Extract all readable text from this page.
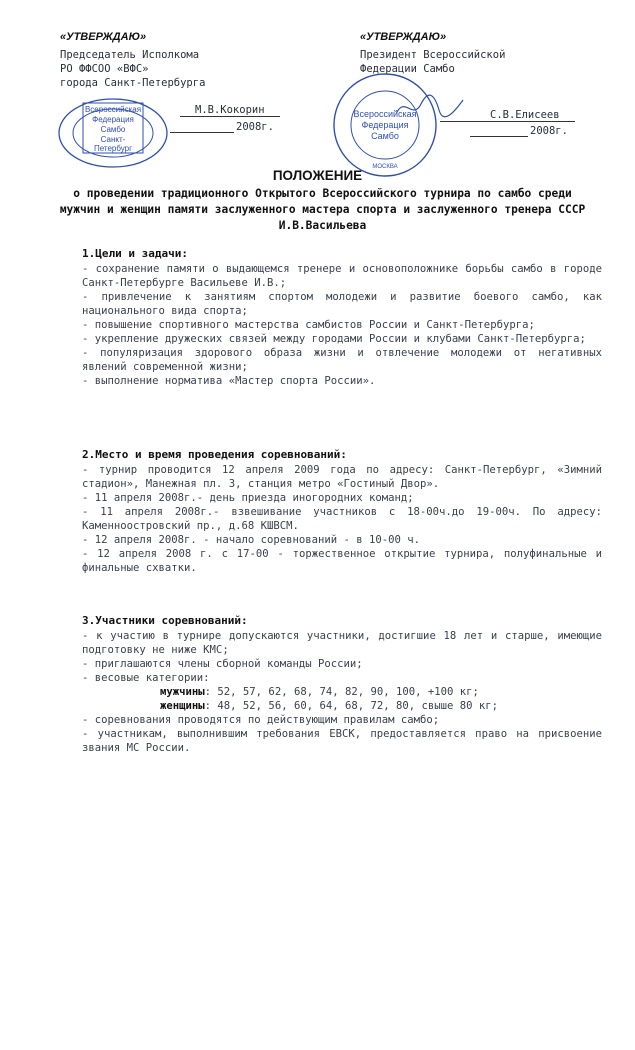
«УТВЕРЖДАЮ»
Председатель Исполкома
РО ФФСОО «ВФС»
города Санкт-Петербурга
М.В.Кокорин
2008г.
Всероссийская
Федерация
Самбо
Санкт-
Петербург
«УТВЕРЖДАЮ»
Президент Всероссийской
Федерации Самбо
С.В.Елисеев
2008г.
Всероссийская
Федерация
Самбо
МОСКВА
ПОЛОЖЕНИЕ

о проведении традиционного Открытого Всероссийского турнира по самбо среди мужчин и женщин памяти заслуженного мастера спорта и заслуженного тренера СССР И.В.Васильева

1.Цели и задачи:

- сохранение памяти о выдающемся тренере и основоположнике борьбы самбо в городе Санкт-Петербурге Васильеве И.В.;

- привлечение к занятиям спортом молодежи и развитие боевого самбо, как национального вида спорта;

- повышение спортивного мастерства самбистов России и Санкт-Петербурга;

- укрепление дружеских связей между городами России и клубами Санкт-Петербурга;

- популяризация здорового образа жизни и отвлечение молодежи от негативных явлений современной жизни;

- выполнение норматива «Мастер спорта России».

2.Место и время проведения соревнований:

- турнир проводится 12 апреля 2009 года по адресу: Санкт-Петербург, «Зимний стадион», Манежная пл. 3, станция метро «Гостиный Двор».

- 11 апреля 2008г.- день приезда иногородних команд;

- 11 апреля 2008г.- взвешивание участников с 18-00ч.до 19-00ч. По адресу: Каменноостровский пр., д.68 КШВСМ.

- 12 апреля 2008г. - начало соревнований - в 10-00 ч.

- 12 апреля 2008 г. с 17-00 - торжественное открытие турнира, полуфинальные и финальные схватки.

3.Участники соревнований:

- к участию в турнире допускаются участники, достигшие 18 лет и старше, имеющие подготовку не ниже КМС;

- приглашаются члены сборной команды России;

- весовые категории:

мужчины: 52, 57, 62, 68, 74, 82, 90, 100, +100 кг;

женщины: 48, 52, 56, 60, 64, 68, 72, 80, свыше 80 кг;

- соревнования проводятся по действующим правилам самбо;

- участникам, выполнившим требования ЕВСК, предоставляется право на присвоение звания МС России.
